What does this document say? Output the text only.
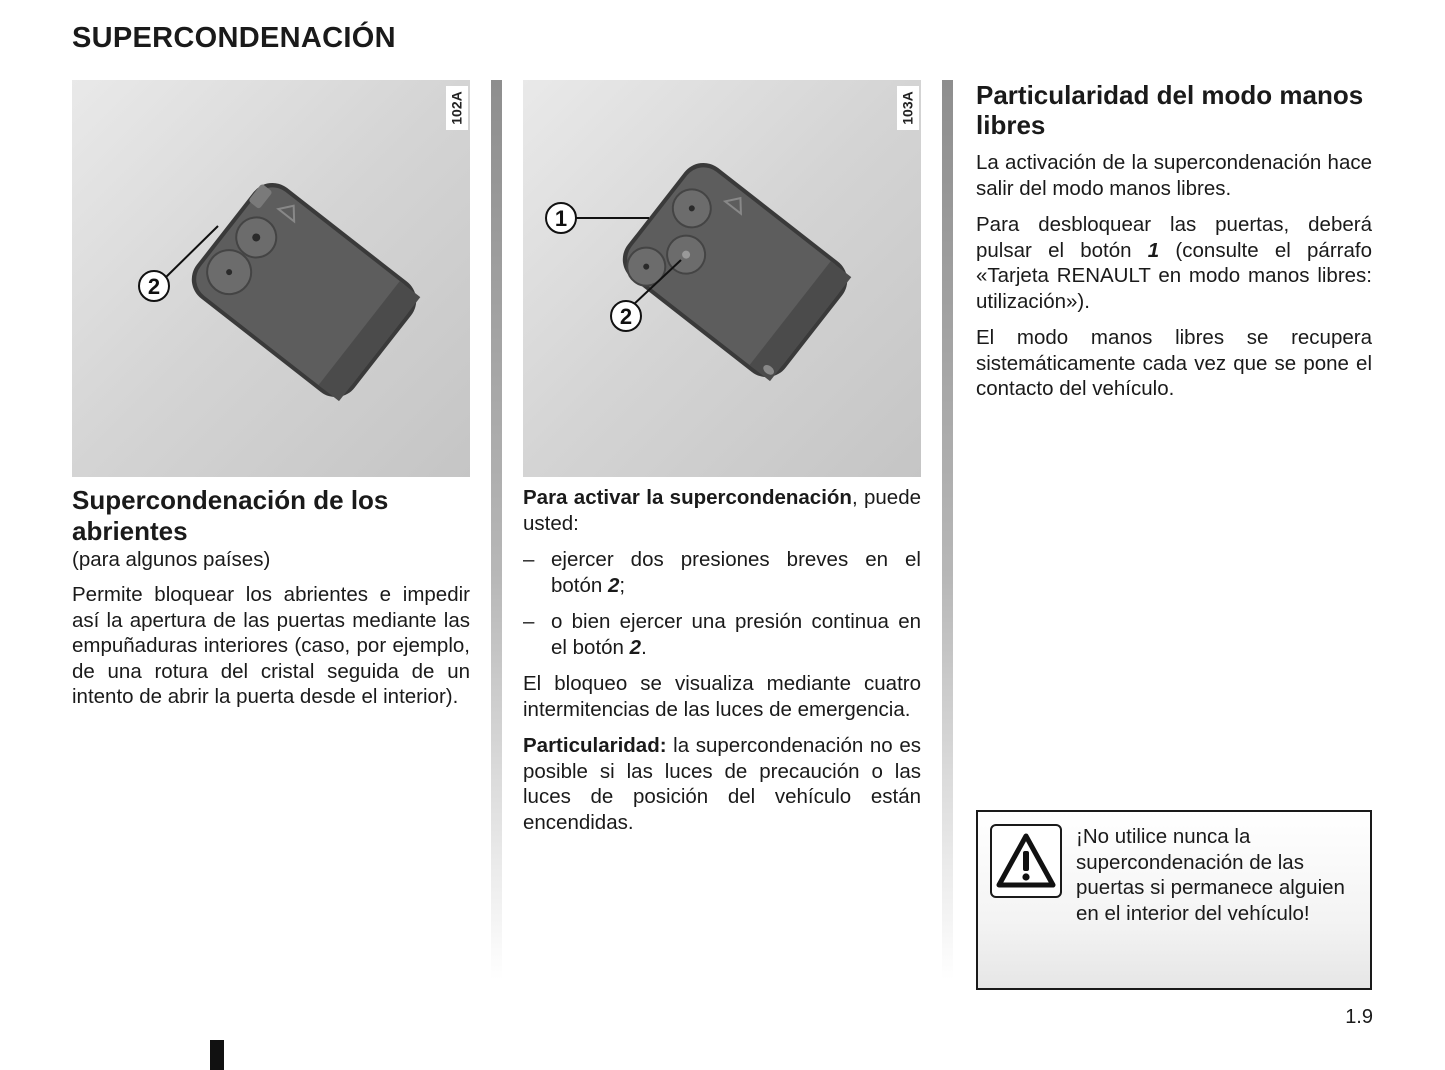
SUPERCONDENACIÓN
2
102A
Supercondenación de los abrientes
(para algunos países)

Permite bloquear los abrientes e impedir así la apertura de las puertas mediante las empuñaduras interiores (caso, por ejemplo, de una rotura del cristal seguida de un intento de abrir la puerta desde el interior).

1
2
103A

Para activar la supercondenación, puede usted:

– ejercer dos presiones breves en el botón 2;
– o bien ejercer una presión continua en el botón 2.

El bloqueo se visualiza mediante cuatro intermitencias de las luces de emergencia.

Particularidad: la supercondenación no es posible si las luces de precaución o las luces de posición del vehículo están encendidas.

Particularidad del modo manos libres

La activación de la supercondenación hace salir del modo manos libres.

Para desbloquear las puertas, deberá pulsar el botón 1 (consulte el párrafo «Tarjeta RENAULT en modo manos libres: utilización»).

El modo manos libres se recupera sistemáticamente cada vez que se pone el contacto del vehículo.

¡No utilice nunca la supercondenación de las puertas si permanece alguien en el interior del vehículo!

1.9
